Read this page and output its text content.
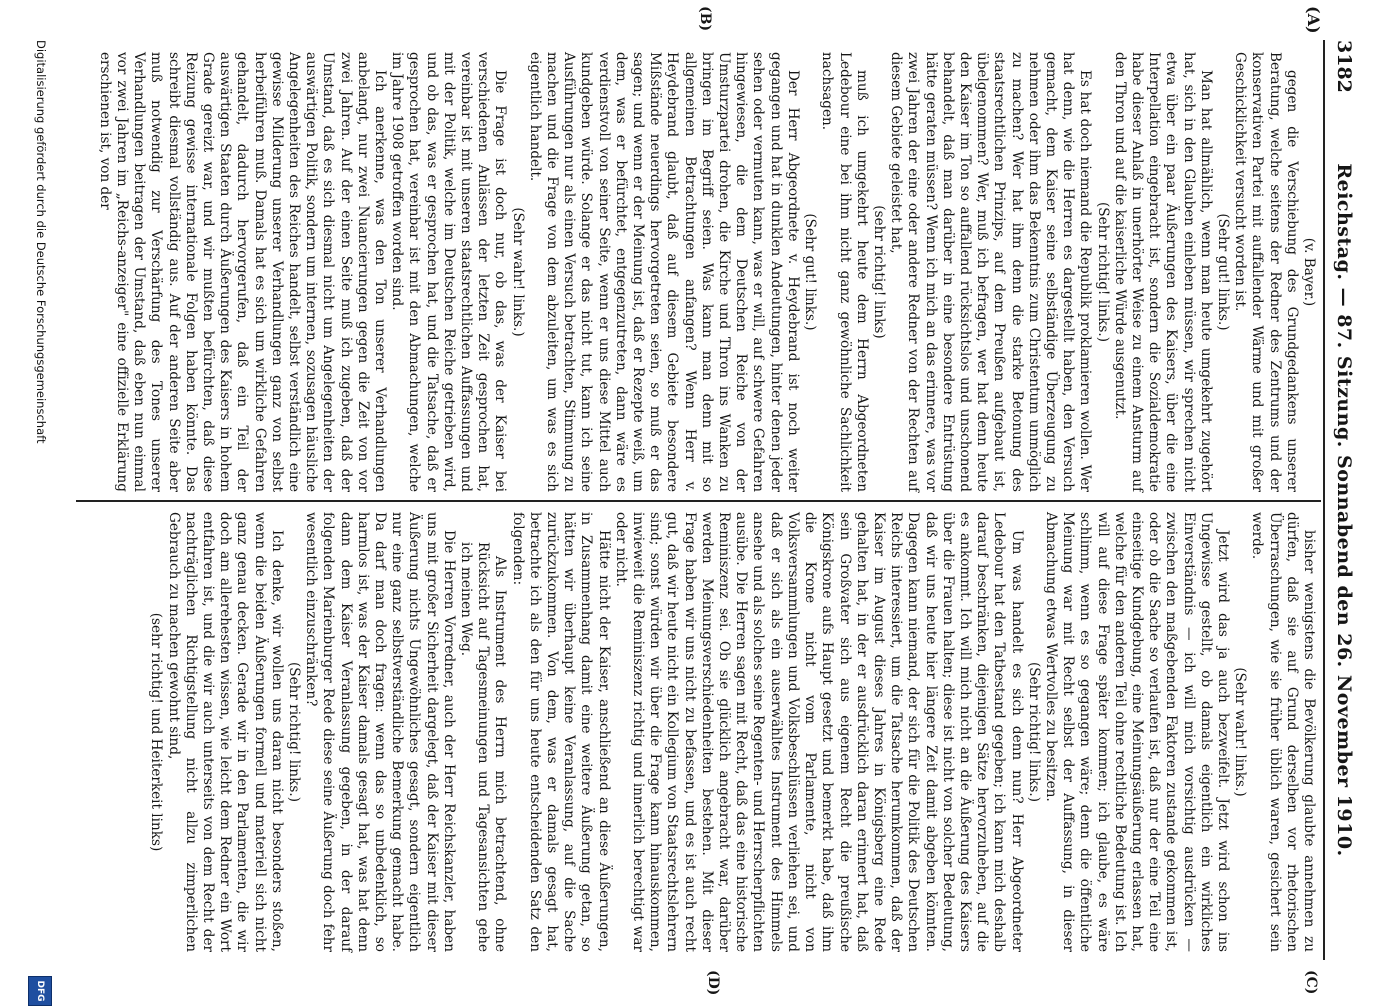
3182
Reichstag. — 87. Sitzung. Sonnabend den 26. November 1910.
(A)
(B)
(C)
(D)

(v. Bayer.)

gegen die Verschiebung des Grundgedankens unserer Beratung, welche seitens der Redner des Zentrums und der konservativen Partei mit auffallender Wärme und mit großer Geschicklichkeit versucht worden ist.

(Sehr gut! links.)

Man hat allmählich, wenn man heute umgekehrt zugehört hat, sich in den Glauben einleben müssen, wir sprechen nicht etwa über ein paar Äußerungen des Kaisers, über die eine Interpellation eingebracht ist, sondern die Sozialdemokratie habe dieser Anlaß in unerhörter Weise zu einem Ansturm auf den Thron und auf die kaiserliche Würde ausgenutzt.

(Sehr richtig! links.)

Es hat doch niemand die Republik proklamieren wollen. Wer hat denn, wie die Herren es dargestellt haben, den Versuch gemacht, dem Kaiser seine selbständige Überzeugung zu nehmen oder ihm das Bekenntnis zum Christentum unmöglich zu machen? Wer hat ihm denn die starke Betonung des staatsrechtlichen Prinzips, auf dem Preußen aufgebaut ist, übelgenommen? Wer, muß ich befragen, wer hat denn heute den Kaiser im Ton so auffallend rücksichtslos und unschonend behandelt, daß man darüber in eine besondere Entrüstung hätte geraten müssen? Wenn ich mich an das erinnere, was vor zwei Jahren der eine oder andere Redner von der Rechten auf diesem Gebiete geleistet hat,

(sehr richtig! links)

muß ich umgekehrt heute dem Herrn Abgeordneten Ledebour eine bei ihm nicht ganz gewöhnliche Sachlichkeit nachsagen.

(Sehr gut! links.)

Der Herr Abgeordnete v. Heydebrand ist noch weiter gegangen und hat in dunklen Andeutungen, hinter denen jeder sehen oder vermuten kann, was er will, auf schwere Gefahren hingewiesen, die dem Deutschen Reiche von der Umsturzpartei drohen, die Kirche und Thron ins Wanken zu bringen im Begriff seien. Was kann man denn mit so allgemeinen Betrachtungen anfangen? Wenn Herr v. Heydebrand glaubt, daß auf diesem Gebiete besondere Mißstände neuerdings hervorgetreten seien, so muß er das sagen; und wenn er der Meinung ist, daß er Rezepte weiß, um dem, was er befürchtet, entgegenzutreten, dann wäre es verdienstvoll von seiner Seite, wenn er uns diese Mittel auch kundgeben würde. Solange er das nicht tut, kann ich seine Ausführungen nur als einen Versuch betrachten, Stimmung zu machen und die Frage von dem abzuleiten, um was es sich eigentlich handelt.

(Sehr wahr! links.)

Die Frage ist doch nur, ob das, was der Kaiser bei verschiedenen Anlässen der letzten Zeit gesprochen hat, vereinbar ist mit unseren staatsrechtlichen Auffassungen und mit der Politik, welche im Deutschen Reiche getrieben wird, und ob das, was er gesprochen hat, und die Tatsache, daß er gesprochen hat, vereinbar ist mit den Abmachungen, welche im Jahre 1908 getroffen worden sind.

Ich anerkenne, was den Ton unserer Verhandlungen anbelangt, nur zwei Nuancierungen gegen die Zeit von vor zwei Jahren. Auf der einen Seite muß ich zugeben, daß der Umstand, daß es sich diesmal nicht um Angelegenheiten der auswärtigen Politik, sondern um internen, sozusagen häusliche Angelegenheiten des Reiches handelt, selbst verständlich eine gewisse Milderung unserer Verhandlungen ganz von selbst herbeiführen muß. Damals hat es sich um wirkliche Gefahren gehandelt, dadurch hervorgerufen, daß ein Teil der auswärtigen Staaten durch Äußerungen des Kaisers in hohem Grade gereizt war, und wir mußten befürchten, daß diese Reizung gewisse internationale Folgen haben könnte. Das schreibt diesmal vollständig aus. Auf der anderen Seite aber muß notwendig zur Verschärfung des Tones unserer Verhandlungen beitragen der Umstand, daß eben nun einmal vor zwei Jahren im „Reichs-anzeiger" eine offizielle Erklärung erschienen ist, von der

bisher wenigstens die Bevölkerung glaubte annehmen zu dürfen, daß sie auf Grund derselben vor rhetorischen Überraschungen, wie sie früher üblich waren, gesichert sein werde.

(Sehr wahr! links.)

Jetzt wird das ja auch bezweifelt. Jetzt wird schon ins Ungewisse gestellt, ob damals eigentlich ein wirkliches Einverständnis — ich will mich vorsichtig ausdrücken — zwischen den maßgebenden Faktoren zustande gekommen ist, oder ob die Sache so verlaufen ist, daß nur der eine Teil eine einseitige Kundgebung, eine Meinungsäußerung erlassen hat, welche für den anderen Teil ohne rechtliche Bedeutung ist. Ich will auf diese Frage später kommen; ich glaube, es wäre schlimm, wenn es so gegangen wäre; denn die öffentliche Meinung war mit Recht selbst der Auffassung, in dieser Abmachung etwas Wertvolles zu besitzen.

(Sehr richtig! links.)

Um was handelt es sich denn nun? Herr Abgeordneter Ledebour hat den Tatbestand gegeben; ich kann mich deshalb darauf beschränken, diejenigen Sätze hervorzuheben, auf die es ankommt. Ich will mich nicht an die Äußerung des Kaisers über die Frauen halten; diese ist nicht von solcher Bedeutung, daß wir uns heute hier längere Zeit damit abgeben könnten. Dagegen kann niemand, der sich für die Politik des Deutschen Reichs interessiert, um die Tatsache herumkommen, daß der Kaiser im August dieses Jahres in Königsberg eine Rede gehalten hat, in der er ausdrücklich daran erinnert hat, daß sein Großvater sich aus eigenem Recht die preußische Königskrone aufs Haupt gesetzt und bemerkt habe, daß ihm die Krone nicht vom Parlamente, nicht von Volksversammlungen und Volksbeschlüssen verliehen sei, und daß er sich als ein auserwähltes Instrument des Himmels ansehe und als solches seine Regenten- und Herrscherpflichten ausübe. Die Herren sagen mit Recht, daß das eine historische Reminiszenz sei. Ob sie glücklich angebracht war, darüber werden Meinungsverschiedenheiten bestehen. Mit dieser Frage haben wir uns nicht zu befassen, und es ist auch recht gut, daß wir heute nicht ein Kollegium von Staatsrechtslehrern sind; sonst würden wir über die Frage kann hinauskommen, inwieweit die Reminiszenz richtig und innerlich berechtigt war oder nicht.

Hätte nicht der Kaiser, anschließend an diese Äußerungen, in Zusammenhang damit eine weitere Äußerung getan, so hätten wir überhaupt keine Veranlassung, auf die Sache zurückzukommen. Von dem, was er damals gesagt hat, betrachte ich als den für uns heute entscheidenden Satz den folgenden:

Als Instrument des Herrn mich betrachtend, ohne Rücksicht auf Tagesmeinungen und Tagesansichten gehe ich meinen Weg.

Die Herren Vorredner, auch der Herr Reichskanzler, haben uns mit großer Sicherheit dargelegt, daß der Kaiser mit dieser Äußerung nichts Ungewöhnliches gesagt, sondern eigentlich nur eine ganz selbstverständliche Bemerkung gemacht habe. Da darf man doch fragen: wenn das so unbedenklich, so harmlos ist, was der Kaiser damals gesagt hat, was hat denn dann dem Kaiser Veranlassung gegeben, in der darauf folgenden Marienburger Rede diese seine Äußerung doch fehr wesentlich einzuschränken?

(Sehr richtig! links.)

Ich denke, wir wollen uns daran nicht besonders stoßen, wenn die beiden Äußerungen formell und materiell sich nicht ganz genau decken. Gerade wir in den Parlamenten, die wir doch am allerehesten wissen, wie leicht dem Redner ein Wort entfahren ist, und die wir auch unterseits von dem Recht der nachträglichen Richtigstellung nicht allzu zimperlichen Gebrauch zu machen gewohnt sind,

(sehr richtig! und Heiterkeit links)

Digitalisierung gefördert durch die Deutsche Forschungsgemeinschaft
DFG
